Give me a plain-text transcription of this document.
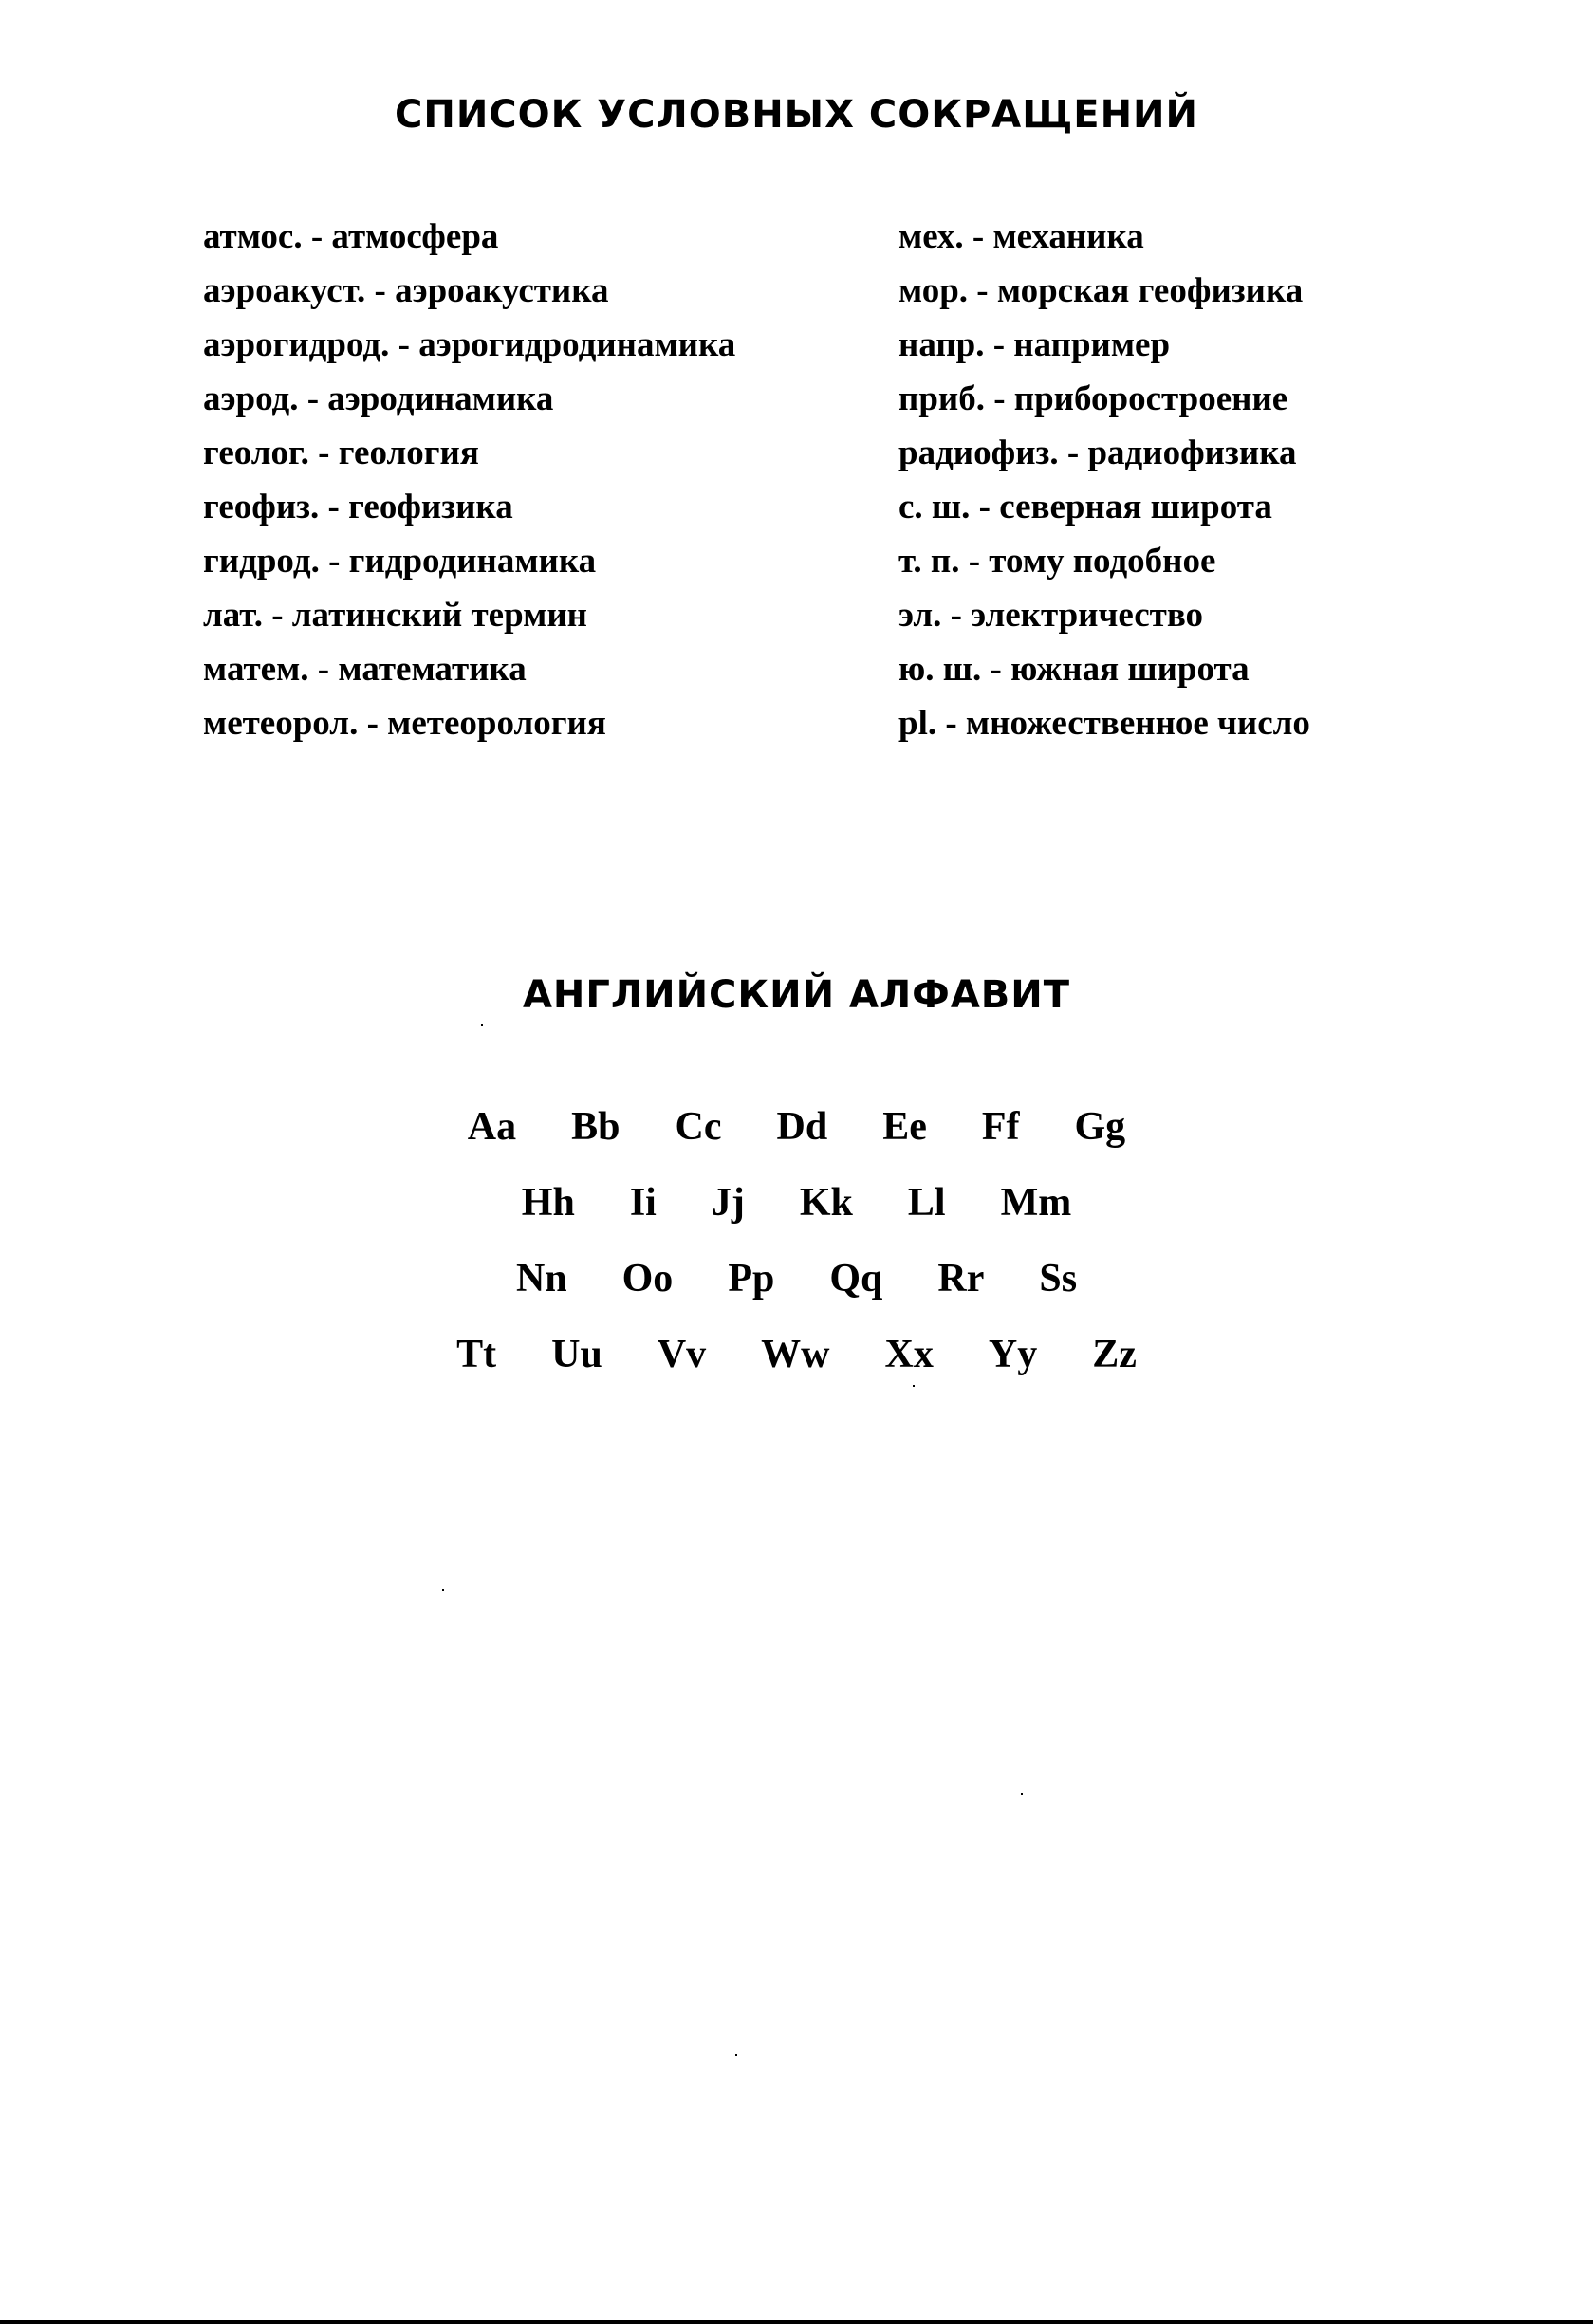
СПИСОК УСЛОВНЫХ СОКРАЩЕНИЙ
атмос. - атмосфера
аэроакуст. - аэроакустика
аэрогидрод. - аэрогидродинамика
аэрод. - аэродинамика
геолог. - геология
геофиз. - геофизика
гидрод. - гидродинамика
лат. - латинский термин
матем. - математика
метеорол. - метеорология
мех. - механика
мор. - морская геофизика
напр. - например
приб. - приборостроение
радиофиз. - радиофизика
с. ш. - северная широта
т. п. - тому подобное
эл. - электричество
ю. ш. - южная широта
pl. - множественное число
АНГЛИЙСКИЙ АЛФАВИТ
Aa Bb Cc Dd Ee Ff Gg
Hh Ii Jj Kk Ll Mm
Nn Oo Pp Qq Rr Ss
Tt Uu Vv Ww Xx Yy Zz
